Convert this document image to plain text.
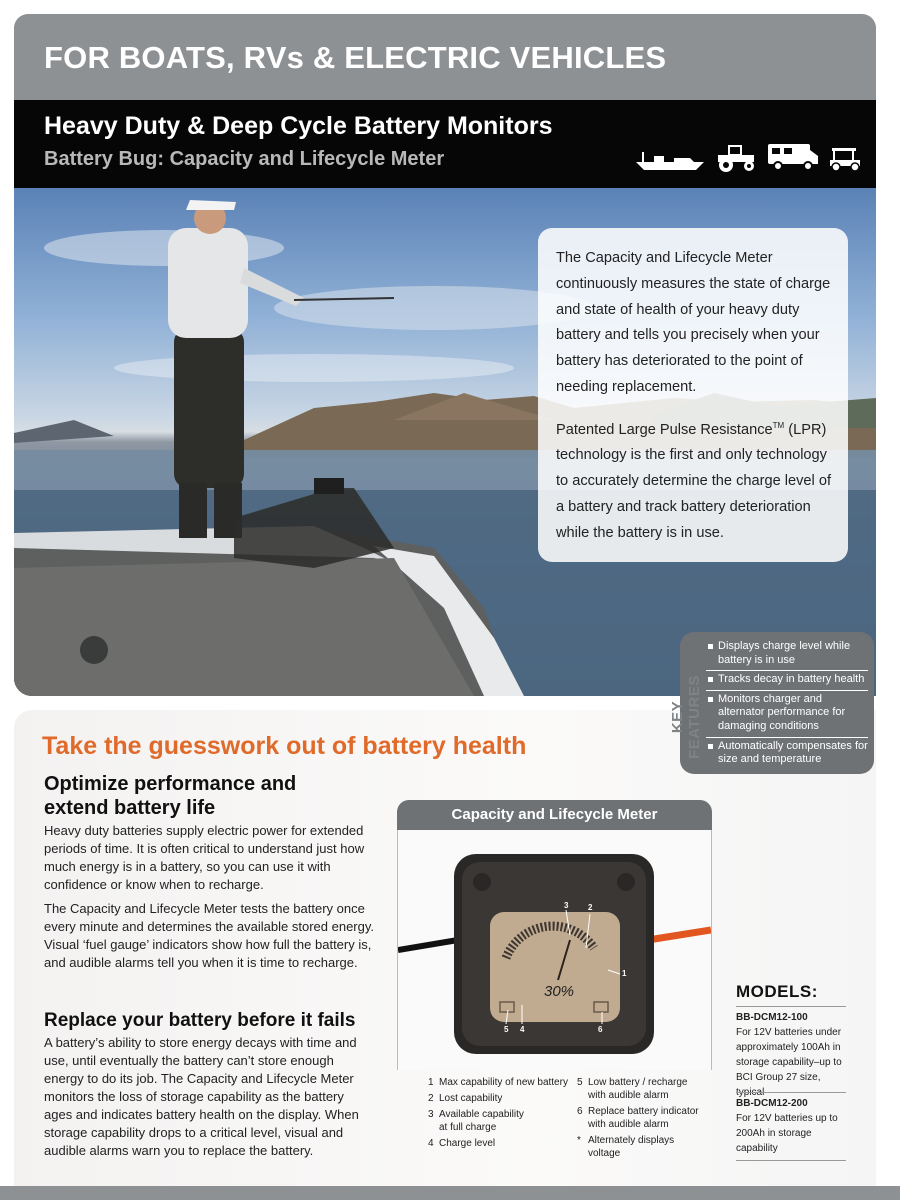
FOR BOATS, RVs & ELECTRIC VEHICLES
Heavy Duty & Deep Cycle Battery Monitors
Battery Bug: Capacity and Lifecycle Meter

The Capacity and Lifecycle Meter continuously measures the state of charge and state of health of your heavy duty battery and tells you precisely when your battery has deteriorated to the point of needing replacement.

Patented Large Pulse Resistance™ (LPR) technology is the first and only technology to accurately determine the charge level of a battery and track battery deterioration while the battery is in use.

KEY FEATURES
Displays charge level while battery is in use
Tracks decay in battery health
Monitors charger and alternator performance for damaging conditions
Automatically compensates for size and temperature
Take the guesswork out of battery health
Optimize performance and extend battery life
Heavy duty batteries supply electric power for extended periods of time. It is often critical to understand just how much energy is in a battery, so you can use it with confidence or know when to recharge.
The Capacity and Lifecycle Meter tests the battery once every minute and determines the available stored energy. Visual ‘fuel gauge’ indicators show how full the battery is, and audible alarms tell you when it is time to recharge.
Replace your battery before it fails
A battery’s ability to store energy decays with time and use, until eventually the battery can’t store enough energy to do its job. The Capacity and Lifecycle Meter monitors the loss of storage capability as the battery ages and indicates battery health on the display. When storage capability drops to a critical level, visual and audible alarms warn you to replace the battery.
Capacity and Lifecycle Meter
30%
1
2
3
4
5	6
1 Max capability of new battery
2 Lost capability
3 Available capability at full charge
4 Charge level
5 Low battery / recharge with audible alarm
6 Replace battery indicator with audible alarm
* Alternately displays voltage
MODELS:
BB-DCM12-100
For 12V batteries under approximately 100Ah in storage capability–up to BCI Group 27 size, typical
BB-DCM12-200
For 12V batteries up to 200Ah in storage capability
